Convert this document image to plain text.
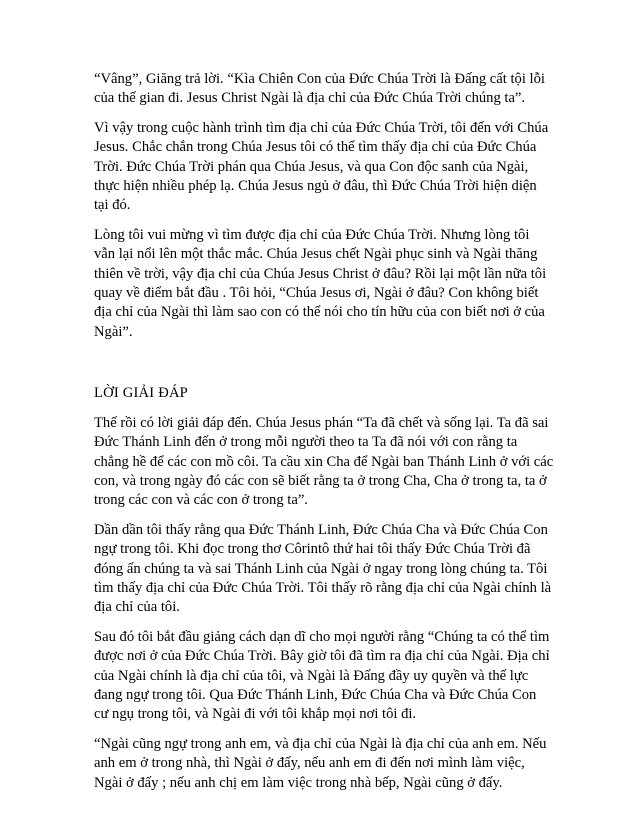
“Vâng”, Giăng trả lời. “Kìa Chiên Con của Đức Chúa Trời là Đấng cất tội lỗi của thế gian đi. Jesus Christ Ngài là địa chỉ của Đức Chúa Trời chúng ta”.

Vì vậy trong cuộc hành trình tìm địa chỉ của Đức Chúa Trời, tôi đến với Chúa Jesus. Chắc chắn trong Chúa Jesus tôi có thể tìm thấy địa chỉ của Đức Chúa Trời. Đức Chúa Trời phán qua Chúa Jesus, và qua Con độc sanh của Ngài, thực hiện nhiều phép lạ. Chúa Jesus ngủ ở đâu, thì Đức Chúa Trời hiện diện tại đó.

Lòng tôi vui mừng vì tìm được địa chỉ của Đức Chúa Trời. Nhưng lòng tôi vẫn lại nổi lên một thắc mắc. Chúa Jesus chết Ngài phục sinh và Ngài thăng thiên về trời, vậy địa chỉ của Chúa Jesus Christ ở đâu? Rồi lại một lần nữa tôi quay về điểm bắt đầu . Tôi hỏi, “Chúa Jesus ơi, Ngài ở đâu? Con không biết địa chỉ của Ngài thì làm sao con có thể nói cho tín hữu của con biết nơi ở của Ngài”.

LỜI GIẢI ĐÁP

Thế rồi có lời giải đáp đến. Chúa Jesus phán “Ta đã chết và sống lại. Ta đã sai Đức Thánh Linh đến ở trong mỗi người theo ta Ta đã nói với con rằng ta chẳng hề để các con mồ côi. Ta cầu xin Cha để Ngài ban Thánh Linh ở với các con, và trong ngày đó các con sẽ biết rằng ta ở trong Cha, Cha ở trong ta, ta ở trong các con và các con ở trong ta”.

Dần dần tôi thấy rằng qua Đức Thánh Linh, Đức Chúa Cha và Đức Chúa Con ngự trong tôi. Khi đọc trong thơ Côrintô thứ hai tôi thấy Đức Chúa Trời đã đóng ấn chúng ta và sai Thánh Linh của Ngài ở ngay trong lòng chúng ta. Tôi tìm thấy địa chỉ của Đức Chúa Trời. Tôi thấy rõ rằng địa chỉ của Ngài chính là địa chỉ của tôi.

Sau đó tôi bắt đầu giảng cách dạn dĩ cho mọi người rằng “Chúng ta có thể tìm được nơi ở của Đức Chúa Trời. Bây giờ tôi đã tìm ra địa chỉ của Ngài. Địa chỉ của Ngài chính là địa chỉ của tôi, và Ngài là Đấng đầy uy quyền và thế lực đang ngự trong tôi. Qua Đức Thánh Linh, Đức Chúa Cha và Đức Chúa Con cư ngụ trong tôi, và Ngài đi với tôi khắp mọi nơi tôi đi.

“Ngài cũng ngự trong anh em, và địa chỉ của Ngài là địa chỉ của anh em. Nếu anh em ở trong nhà, thì Ngài ở đấy, nếu anh em đi đến nơi mình làm việc, Ngài ở đấy ; nếu anh chị em làm việc trong nhà bếp, Ngài cũng ở đấy.
